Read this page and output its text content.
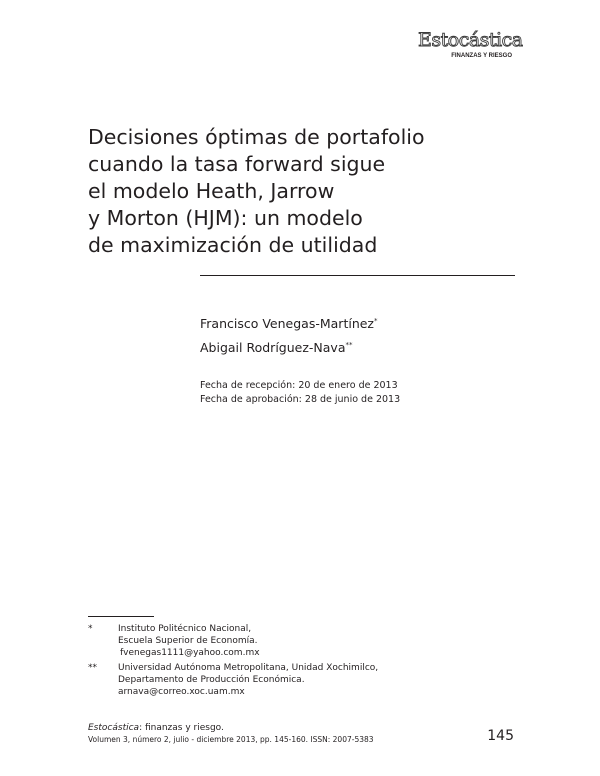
Estocástica
FINANZAS Y RIESGO
Decisiones óptimas de portafolio
cuando la tasa forward sigue
el modelo Heath, Jarrow
y Morton (HJM): un modelo
de maximización de utilidad
Francisco Venegas-Martínez*
Abigail Rodríguez-Nava**
Fecha de recepción: 20 de enero de 2013
Fecha de aprobación: 28 de junio de 2013
*	Instituto Politécnico Nacional,
Escuela Superior de Economía.
fvenegas1111@yahoo.com.mx
** Universidad Autónoma Metropolitana, Unidad Xochimilco,
Departamento de Producción Económica.
arnava@correo.xoc.uam.mx
Estocástica: finanzas y riesgo.
Volumen 3, número 2, julio - diciembre 2013, pp. 145-160. ISSN: 2007-5383	145
